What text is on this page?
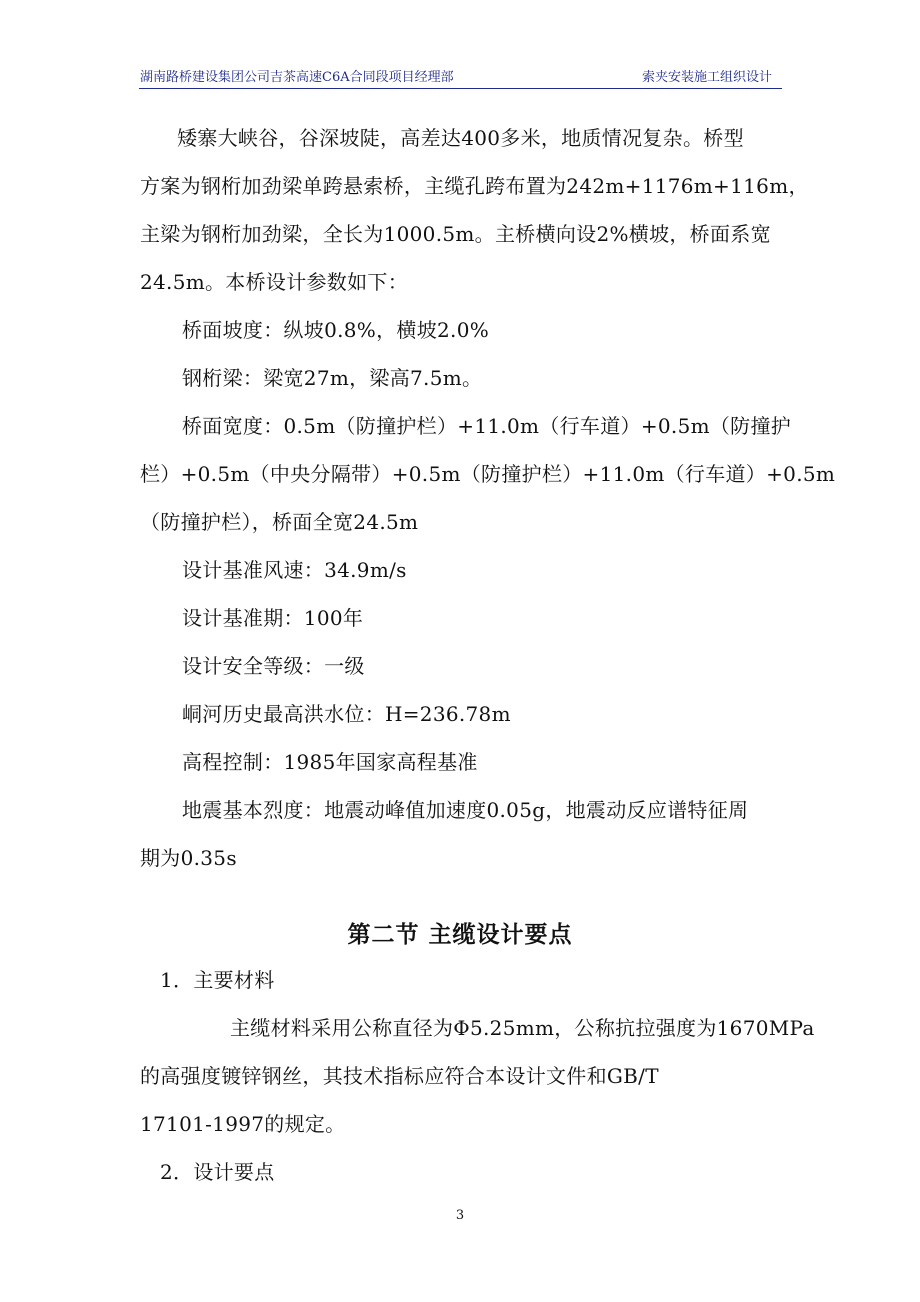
湖南路桥建设集团公司吉茶高速C6A合同段项目经理部	索夹安装施工组织设计
矮寨大峡谷，谷深坡陡，高差达400多米，地质情况复杂。桥型
方案为钢桁加劲梁单跨悬索桥，主缆孔跨布置为242m+1176m+116m，
主梁为钢桁加劲梁，全长为1000.5m。主桥横向设2%横坡，桥面系宽
24.5m。本桥设计参数如下：
桥面坡度：纵坡0.8%，横坡2.0%
钢桁梁：梁宽27m，梁高7.5m。
桥面宽度：0.5m（防撞护栏）+11.0m（行车道）+0.5m（防撞护
栏）+0.5m（中央分隔带）+0.5m（防撞护栏）+11.0m（行车道）+0.5m
（防撞护栏），桥面全宽24.5m
设计基准风速：34.9m/s
设计基准期：100年
设计安全等级：一级
峒河历史最高洪水位：H=236.78m
高程控制：1985年国家高程基准
地震基本烈度：地震动峰值加速度0.05g，地震动反应谱特征周
期为0.35s
第二节 主缆设计要点
1．主要材料
主缆材料采用公称直径为Φ5.25mm，公称抗拉强度为1670MPa
的高强度镀锌钢丝，其技术指标应符合本设计文件和GB/T
17101-1997的规定。
2．设计要点
3
